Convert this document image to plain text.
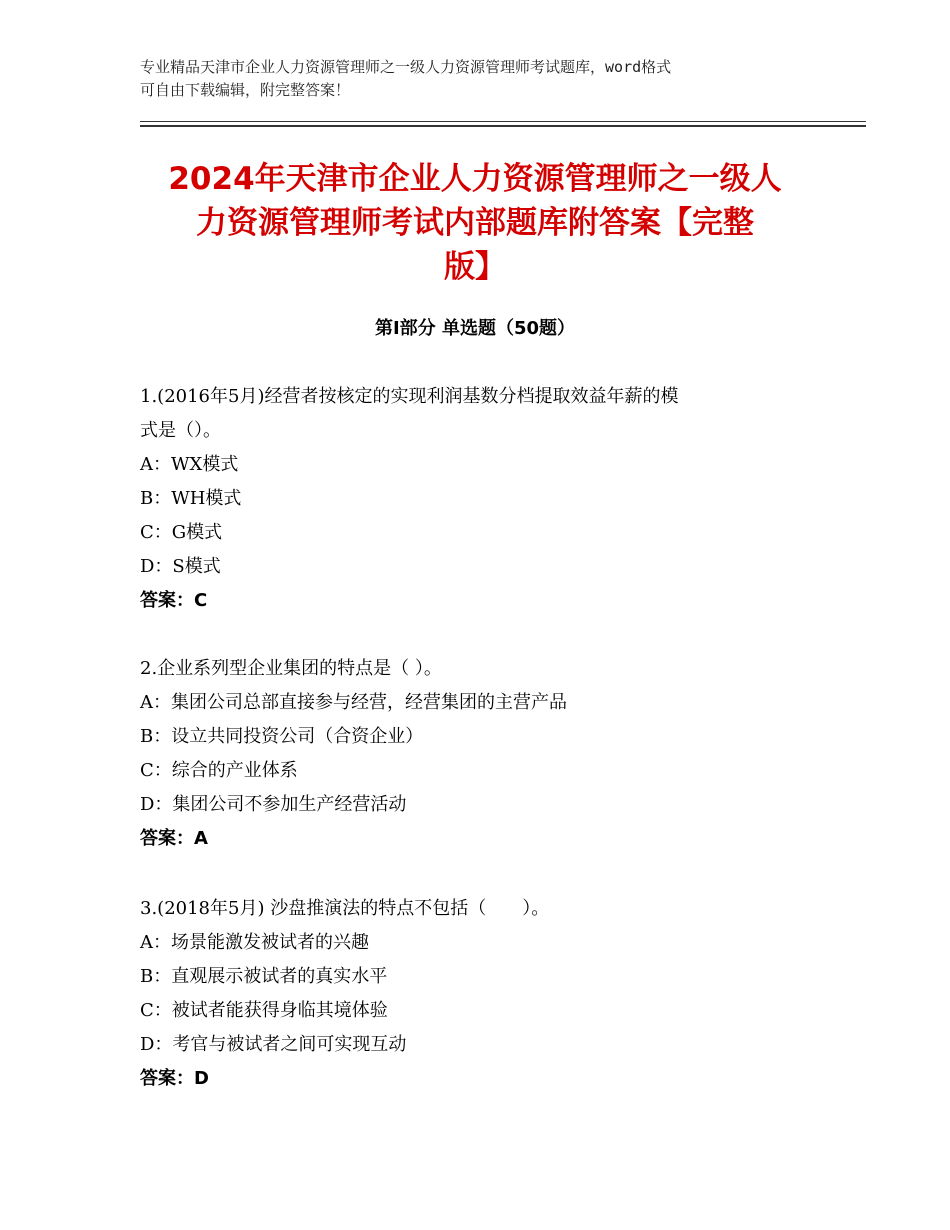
专业精品天津市企业人力资源管理师之一级人力资源管理师考试题库，word格式
可自由下载编辑，附完整答案！
2024年天津市企业人力资源管理师之一级人
力资源管理师考试内部题库附答案【完整
版】
第Ⅰ部分 单选题（50题）
1.(2016年5月)经营者按核定的实现利润基数分档提取效益年薪的模
式是（）。
A：WX模式
B：WH模式
C：G模式
D：S模式
答案：C
2.企业系列型企业集团的特点是（ ）。
A：集团公司总部直接参与经营，经营集团的主营产品
B：设立共同投资公司（合资企业）
C：综合的产业体系
D：集团公司不参加生产经营活动
答案：A
3.(2018年5月) 沙盘推演法的特点不包括（　　）。
A：场景能激发被试者的兴趣
B：直观展示被试者的真实水平
C：被试者能获得身临其境体验
D：考官与被试者之间可实现互动
答案：D
